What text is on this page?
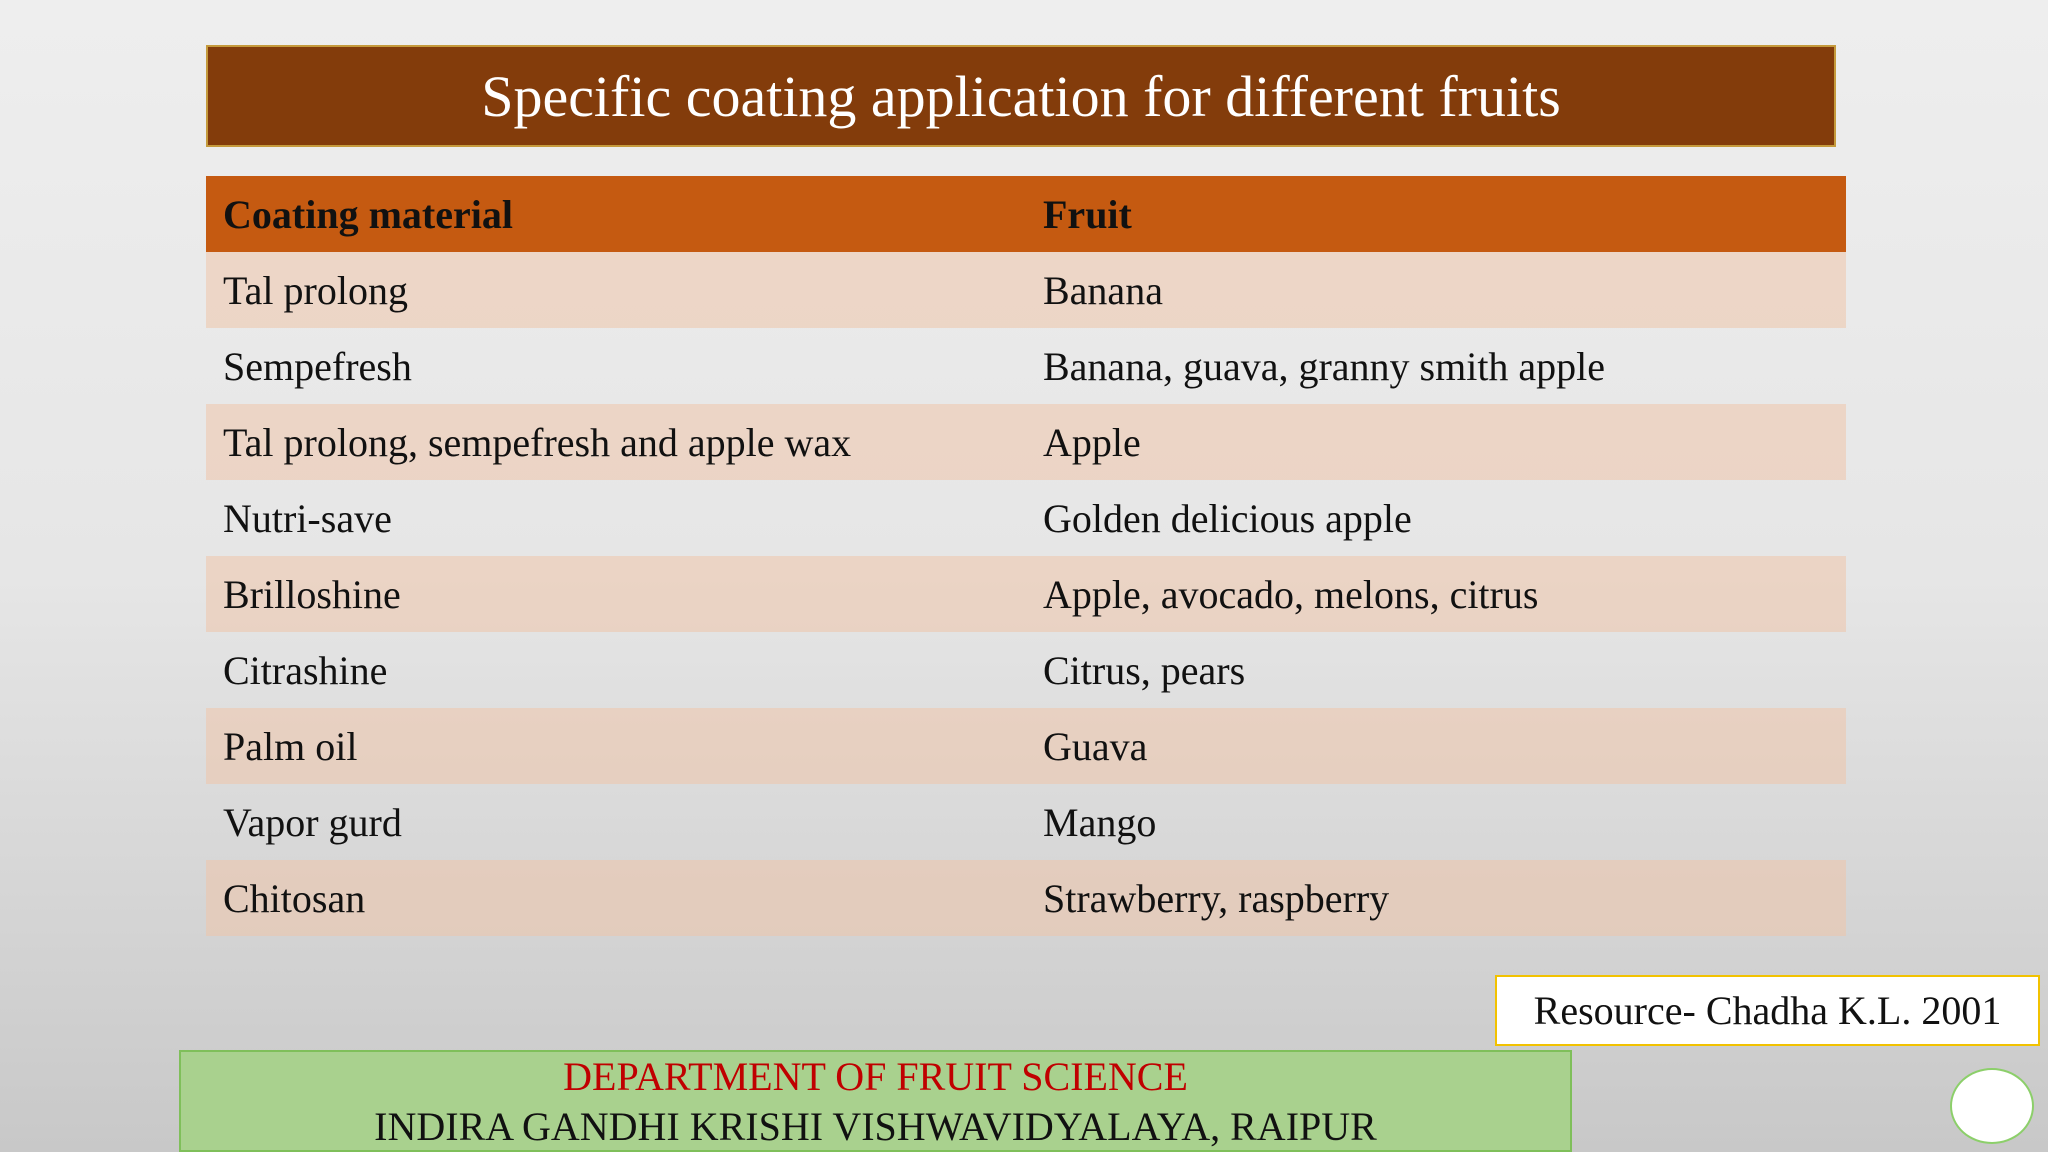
Specific coating application for different fruits
Coating material	Fruit
Tal prolong	Banana
Sempefresh	Banana, guava, granny smith apple
Tal prolong, sempefresh and apple wax	Apple
Nutri-save	Golden delicious apple
Brilloshine	Apple, avocado, melons, citrus
Citrashine	Citrus, pears
Palm oil	Guava
Vapor gurd	Mango
Chitosan	Strawberry, raspberry
Resource- Chadha K.L. 2001
DEPARTMENT OF FRUIT SCIENCE
INDIRA GANDHI KRISHI VISHWAVIDYALAYA, RAIPUR
